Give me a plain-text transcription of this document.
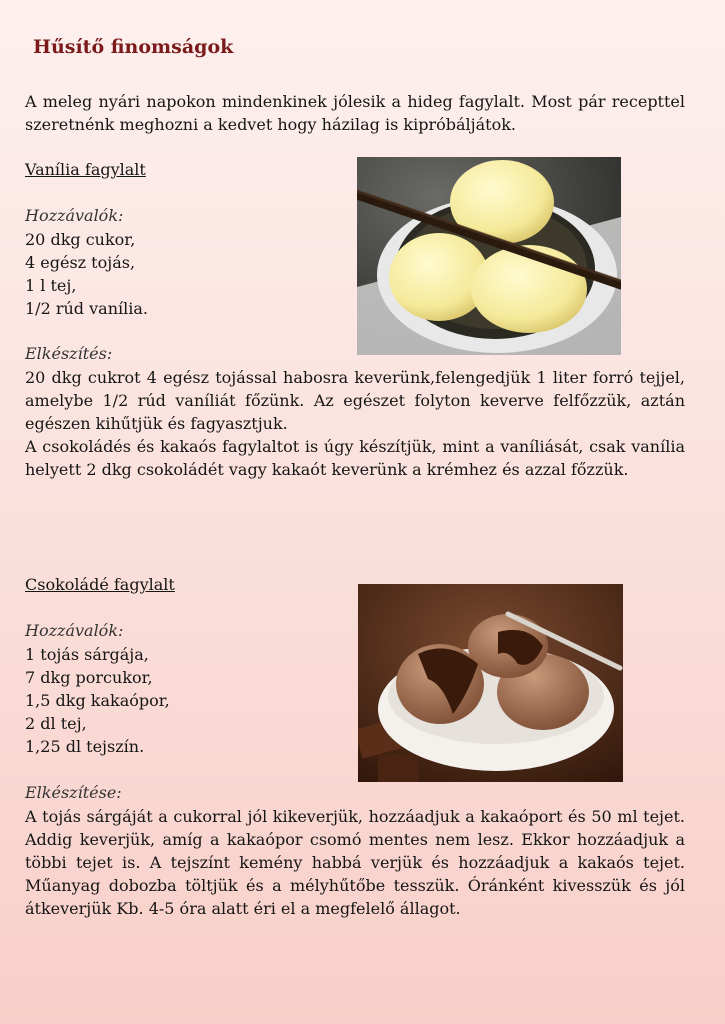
Hűsítő finomságok

A meleg nyári napokon mindenkinek jólesik a hideg fagylalt. Most pár recepttel szeretnénk meghozni a kedvet hogy házilag is kipróbáljátok.

Vanília fagylalt
Hozzávalók:
20 dkg cukor,
4 egész tojás,
1 l tej,
1/2 rúd vanília.
Elkészítés:

20 dkg cukrot 4 egész tojással habosra keverünk,felengedjük 1 liter forró tejjel, amelybe 1/2 rúd vaníliát főzünk. Az egészet folyton keverve felfőzzük, aztán egészen kihűtjük és fagyasztjuk.

A csokoládés és kakaós fagylaltot is úgy készítjük, mint a vaníliását, csak vanília helyett 2 dkg csokoládét vagy kakaót keverünk a krémhez és azzal főzzük.

Csokoládé fagylalt
Hozzávalók:
1 tojás sárgája,
7 dkg porcukor,
1,5 dkg kakaópor,
2 dl tej,
1,25 dl tejszín.
Elkészítése:

A tojás sárgáját a cukorral jól kikeverjük, hozzáadjuk a kakaóport és 50 ml tejet. Addig keverjük, amíg a kakaópor csomó mentes nem lesz. Ekkor hozzáadjuk a többi tejet is. A tejszínt kemény habbá verjük és hozzáadjuk a kakaós tejet. Műanyag dobozba töltjük és a mélyhűtőbe tesszük. Óránként kivesszük és jól átkeverjük Kb. 4-5 óra alatt éri el a megfelelő állagot.
